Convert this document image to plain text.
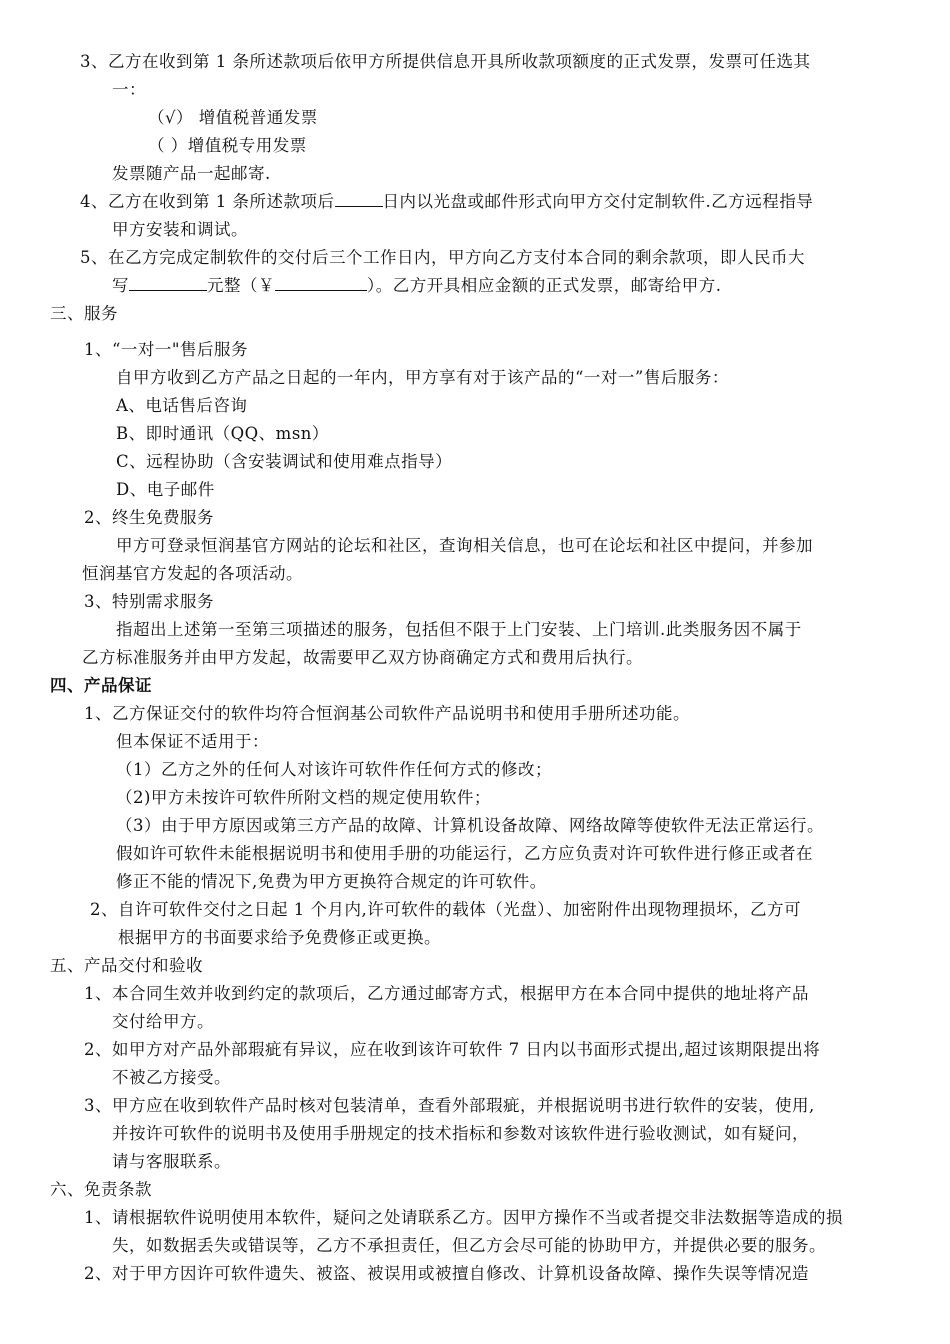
3、乙方在收到第 1 条所述款项后依甲方所提供信息开具所收款项额度的正式发票，发票可任选其
一：
（√） 增值税普通发票
（ ）增值税专用发票
发票随产品一起邮寄.
4、乙方在收到第 1 条所述款项后	日内以光盘或邮件形式向甲方交付定制软件.乙方远程指导
甲方安装和调试。
5、在乙方完成定制软件的交付后三个工作日内，甲方向乙方支付本合同的剩余款项，即人民币大
写	元整（￥	）。乙方开具相应金额的正式发票，邮寄给甲方.
三、服务
1、“一对一"售后服务
自甲方收到乙方产品之日起的一年内，甲方享有对于该产品的“一对一”售后服务：
A、电话售后咨询
B、即时通讯（QQ、msn）
C、远程协助（含安装调试和使用难点指导）
D、电子邮件
2、终生免费服务
甲方可登录恒润基官方网站的论坛和社区，查询相关信息，也可在论坛和社区中提问，并参加
恒润基官方发起的各项活动。
3、特别需求服务
指超出上述第一至第三项描述的服务，包括但不限于上门安装、上门培训.此类服务因不属于
乙方标准服务并由甲方发起，故需要甲乙双方协商确定方式和费用后执行。
四、产品保证
1、乙方保证交付的软件均符合恒润基公司软件产品说明书和使用手册所述功能。
但本保证不适用于：
（1）乙方之外的任何人对该许可软件作任何方式的修改；
（2)甲方未按许可软件所附文档的规定使用软件；
（3）由于甲方原因或第三方产品的故障、计算机设备故障、网络故障等使软件无法正常运行。
假如许可软件未能根据说明书和使用手册的功能运行，乙方应负责对许可软件进行修正或者在
修正不能的情况下,免费为甲方更换符合规定的许可软件。
2、自许可软件交付之日起 1 个月内,许可软件的载体（光盘）、加密附件出现物理损坏，乙方可
根据甲方的书面要求给予免费修正或更换。
五、产品交付和验收
1、本合同生效并收到约定的款项后，乙方通过邮寄方式，根据甲方在本合同中提供的地址将产品
交付给甲方。
2、如甲方对产品外部瑕疵有异议，应在收到该许可软件 7 日内以书面形式提出,超过该期限提出将
不被乙方接受。
3、甲方应在收到软件产品时核对包装清单，查看外部瑕疵，并根据说明书进行软件的安装，使用,
并按许可软件的说明书及使用手册规定的技术指标和参数对该软件进行验收测试，如有疑问，
请与客服联系。
六、免责条款
1、请根据软件说明使用本软件，疑问之处请联系乙方。因甲方操作不当或者提交非法数据等造成的损
失，如数据丢失或错误等，乙方不承担责任，但乙方会尽可能的协助甲方，并提供必要的服务。
2、对于甲方因许可软件遗失、被盗、被误用或被擅自修改、计算机设备故障、操作失误等情况造
